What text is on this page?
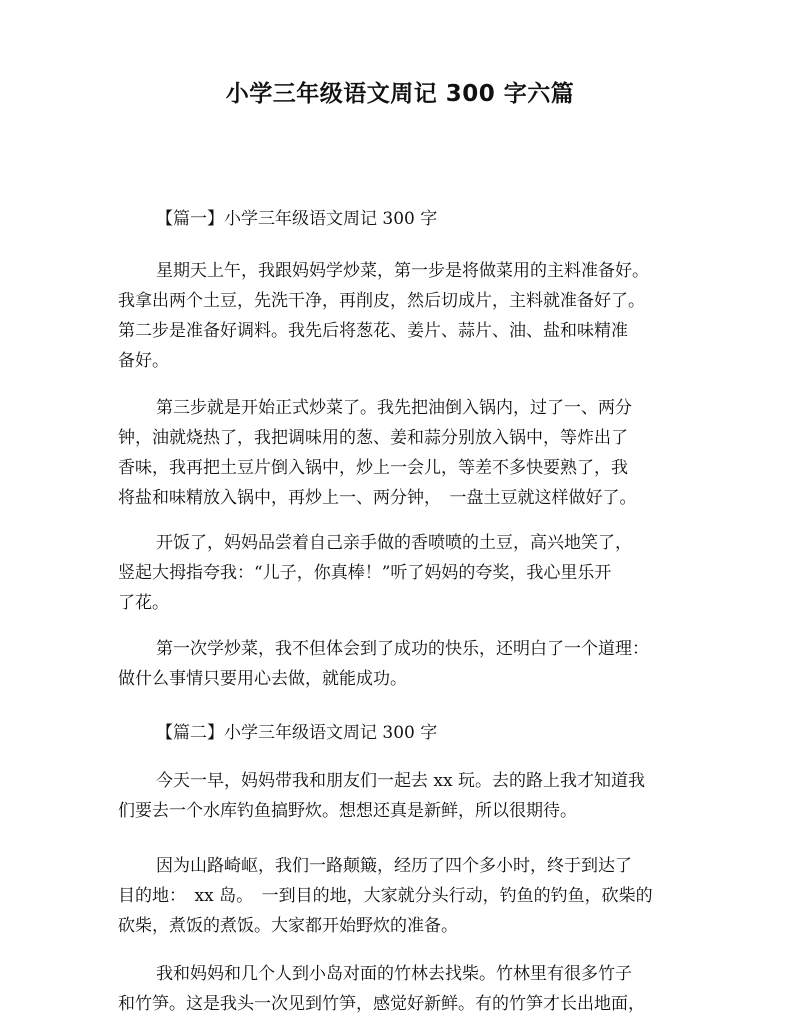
小学三年级语文周记 300 字六篇
【篇一】小学三年级语文周记 300 字
星期天上午，我跟妈妈学炒菜，第一步是将做菜用的主料准备好。
我拿出两个土豆，先洗干净，再削皮，然后切成片，主料就准备好了。
第二步是准备好调料。我先后将葱花、姜片、蒜片、油、盐和味精准
备好。
第三步就是开始正式炒菜了。我先把油倒入锅内，过了一、两分
钟，油就烧热了，我把调味用的葱、姜和蒜分别放入锅中，等炸出了
香味，我再把土豆片倒入锅中，炒上一会儿，等差不多快要熟了，我
将盐和味精放入锅中，再炒上一、两分钟，　一盘土豆就这样做好了。
开饭了，妈妈品尝着自己亲手做的香喷喷的土豆，高兴地笑了，
竖起大拇指夸我：“儿子，你真棒！”听了妈妈的夸奖，我心里乐开
了花。
第一次学炒菜，我不但体会到了成功的快乐，还明白了一个道理：
做什么事情只要用心去做，就能成功。
【篇二】小学三年级语文周记 300 字
今天一早，妈妈带我和朋友们一起去 xx 玩。去的路上我才知道我
们要去一个水库钓鱼搞野炊。想想还真是新鲜，所以很期待。
因为山路崎岖，我们一路颠簸，经历了四个多小时，终于到达了
目的地：　xx 岛。　一到目的地，大家就分头行动，钓鱼的钓鱼，砍柴的
砍柴，煮饭的煮饭。大家都开始野炊的准备。
我和妈妈和几个人到小岛对面的竹林去找柴。竹林里有很多竹子
和竹笋。这是我头一次见到竹笋，感觉好新鲜。有的竹笋才长出地面，
